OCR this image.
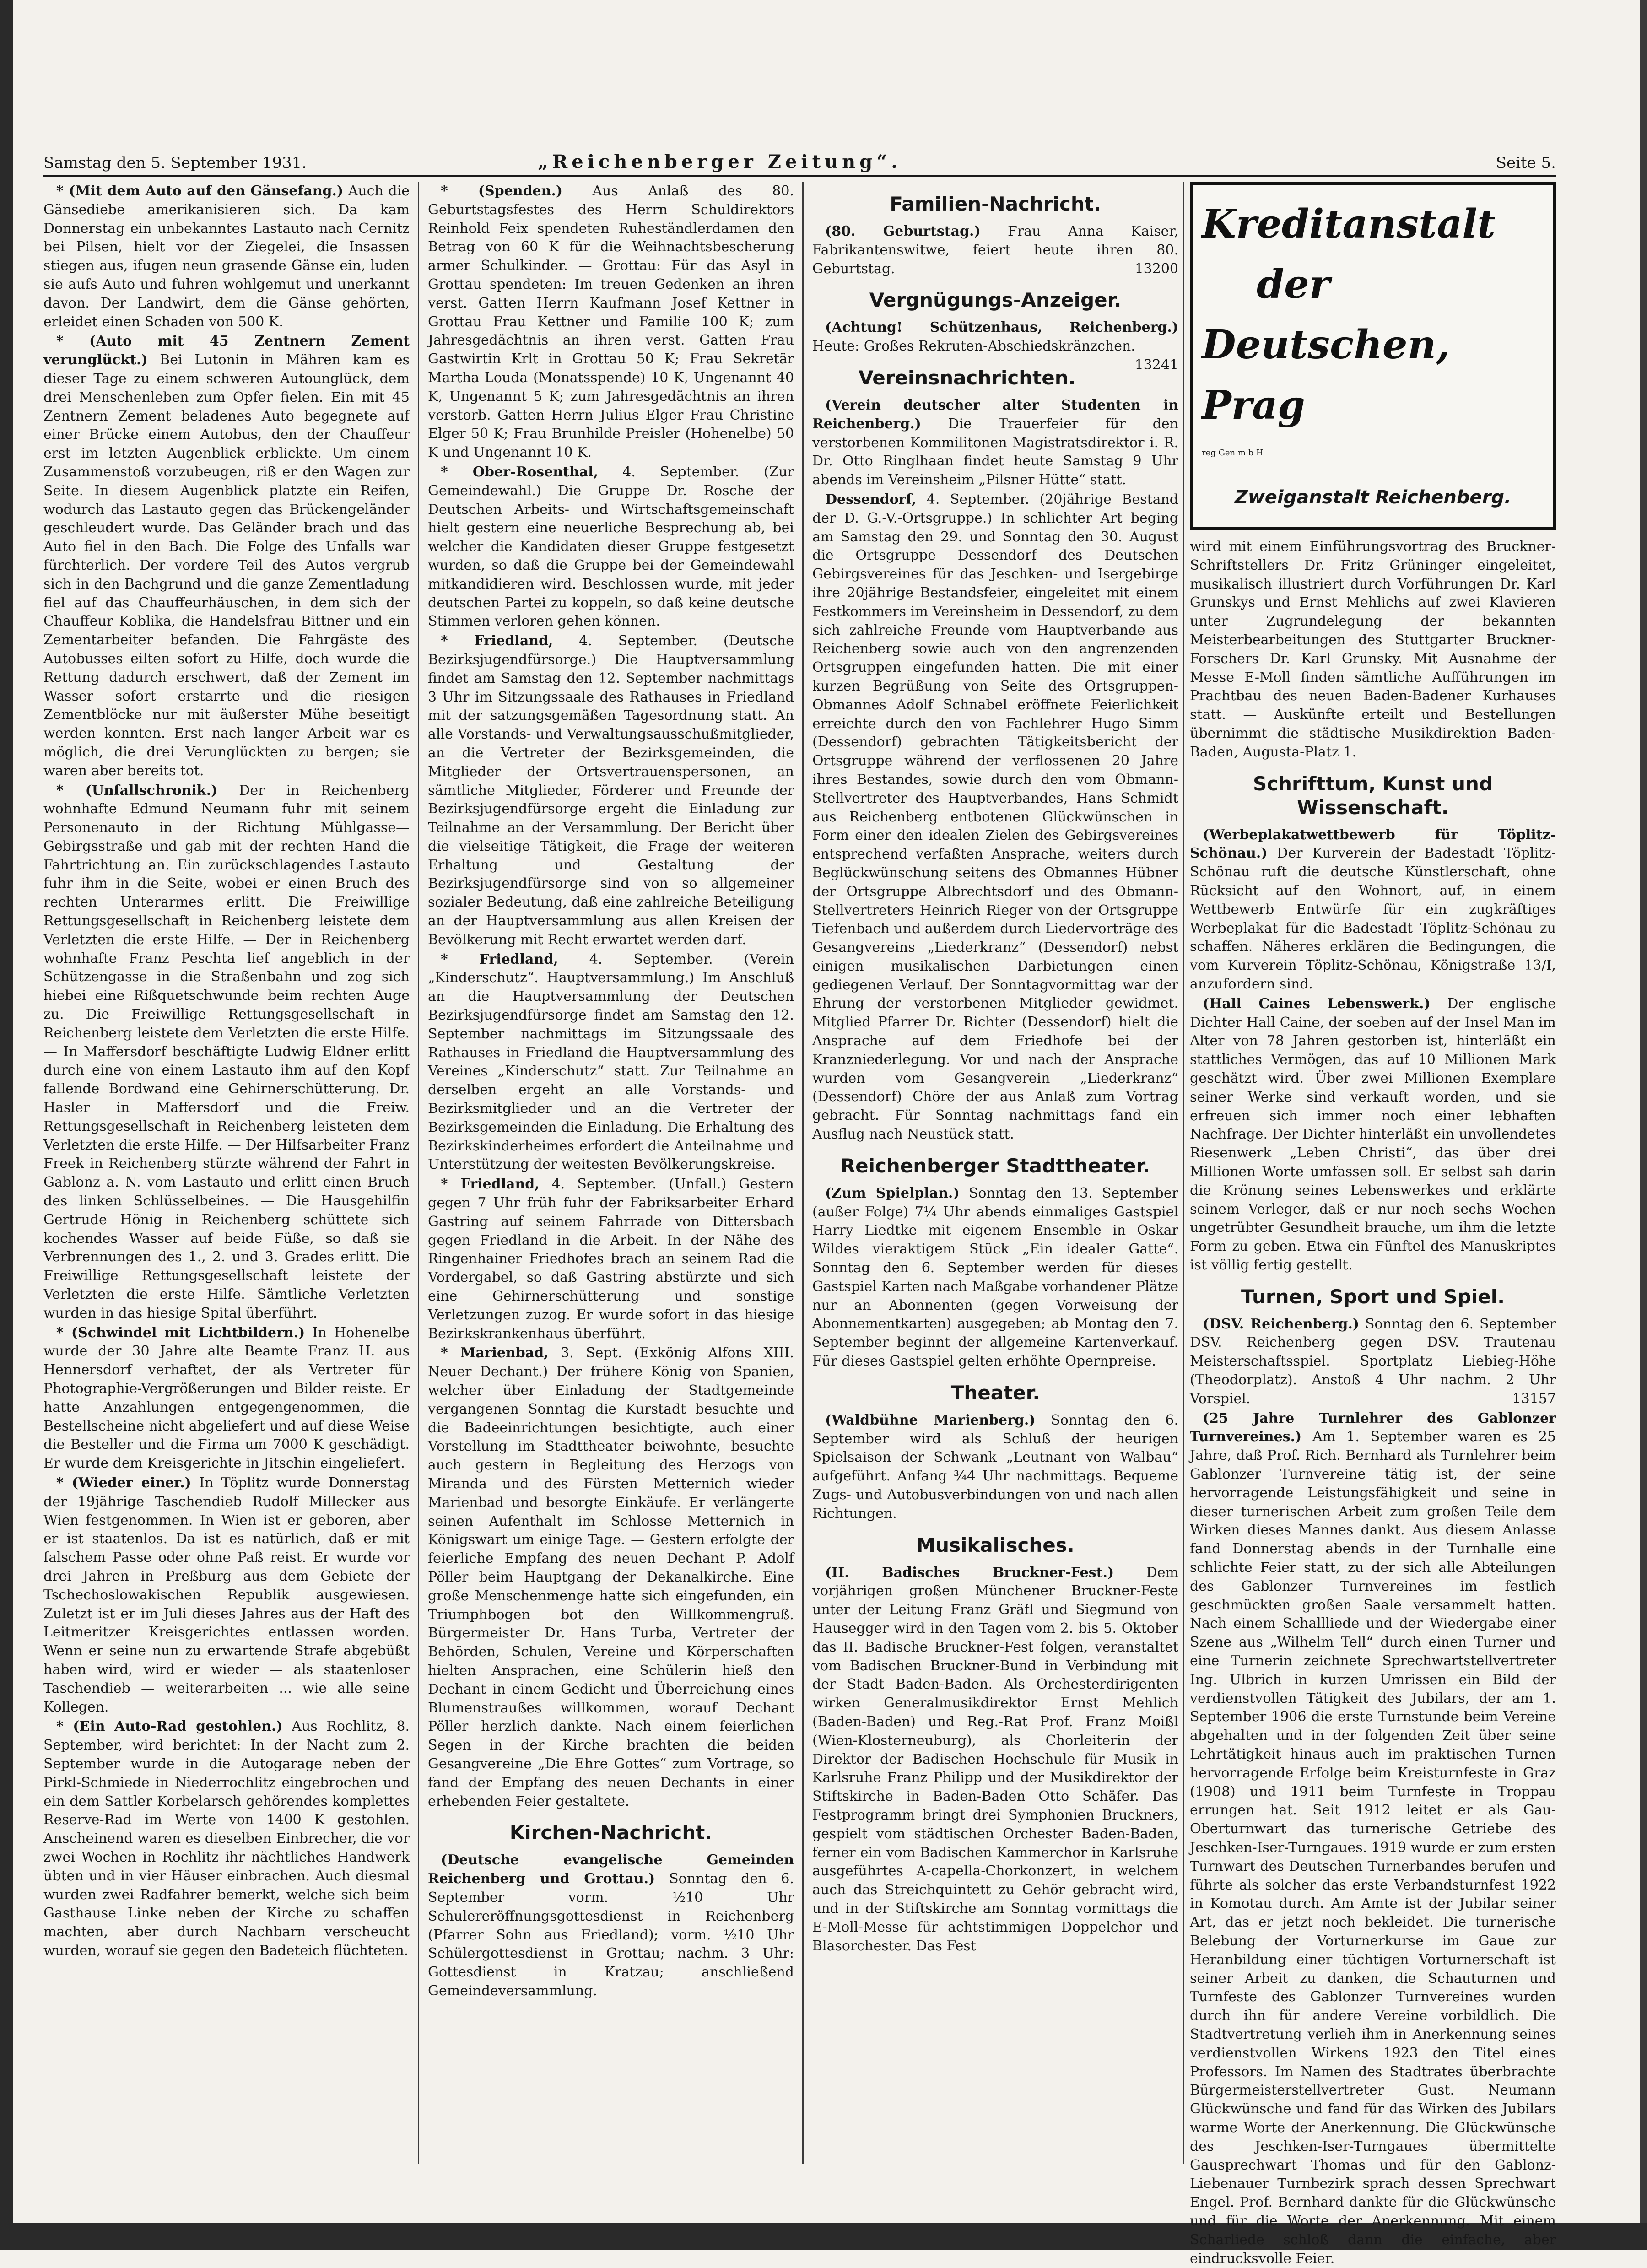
Samstag den 5. September 1931.	„Reichenberger Zeitung“.	Seite 5.

* (Mit dem Auto auf den Gänsefang.) Auch die Gänsediebe amerikanisieren sich. Da kam Donnerstag ein unbekanntes Lastauto nach Cernitz bei Pilsen, hielt vor der Ziegelei, die Insassen stiegen aus, ifugen neun grasende Gänse ein, luden sie aufs Auto und fuhren wohlgemut und unerkannt davon. Der Landwirt, dem die Gänse gehörten, erleidet einen Schaden von 500 K.

* (Auto mit 45 Zentnern Zement verunglückt.) Bei Lutonin in Mähren kam es dieser Tage zu einem schweren Autounglück, dem drei Menschenleben zum Opfer fielen. Ein mit 45 Zentnern Zement beladenes Auto begegnete auf einer Brücke einem Autobus, den der Chauffeur erst im letzten Augenblick erblickte. Um einem Zusammenstoß vorzubeugen, riß er den Wagen zur Seite. In diesem Augenblick platzte ein Reifen, wodurch das Lastauto gegen das Brückengeländer geschleudert wurde. Das Geländer brach und das Auto fiel in den Bach. Die Folge des Unfalls war fürchterlich. Der vordere Teil des Autos vergrub sich in den Bachgrund und die ganze Zementladung fiel auf das Chauffeurhäuschen, in dem sich der Chauffeur Koblika, die Handelsfrau Bittner und ein Zementarbeiter befanden. Die Fahrgäste des Autobusses eilten sofort zu Hilfe, doch wurde die Rettung dadurch erschwert, daß der Zement im Wasser sofort erstarrte und die riesigen Zementblöcke nur mit äußerster Mühe beseitigt werden konnten. Erst nach langer Arbeit war es möglich, die drei Verunglückten zu bergen; sie waren aber bereits tot.

* (Unfallschronik.) Der in Reichenberg wohnhafte Edmund Neumann fuhr mit seinem Personenauto in der Richtung Mühlgasse—Gebirgsstraße und gab mit der rechten Hand die Fahrtrichtung an. Ein zurückschlagendes Lastauto fuhr ihm in die Seite, wobei er einen Bruch des rechten Unterarmes erlitt. Die Freiwillige Rettungsgesellschaft in Reichenberg leistete dem Verletzten die erste Hilfe. — Der in Reichenberg wohnhafte Franz Peschta lief angeblich in der Schützengasse in die Straßenbahn und zog sich hiebei eine Rißquetschwunde beim rechten Auge zu. Die Freiwillige Rettungsgesellschaft in Reichenberg leistete dem Verletzten die erste Hilfe. — In Maffersdorf beschäftigte Ludwig Eldner erlitt durch eine von einem Lastauto ihm auf den Kopf fallende Bordwand eine Gehirnerschütterung. Dr. Hasler in Maffersdorf und die Freiw. Rettungsgesellschaft in Reichenberg leisteten dem Verletzten die erste Hilfe. — Der Hilfsarbeiter Franz Freek in Reichenberg stürzte während der Fahrt in Gablonz a. N. vom Lastauto und erlitt einen Bruch des linken Schlüsselbeines. — Die Hausgehilfin Gertrude Hönig in Reichenberg schüttete sich kochendes Wasser auf beide Füße, so daß sie Verbrennungen des 1., 2. und 3. Grades erlitt. Die Freiwillige Rettungsgesellschaft leistete der Verletzten die erste Hilfe. Sämtliche Verletzten wurden in das hiesige Spital überführt.

* (Schwindel mit Lichtbildern.) In Hohenelbe wurde der 30 Jahre alte Beamte Franz H. aus Hennersdorf verhaftet, der als Vertreter für Photographie-Vergrößerungen und Bilder reiste. Er hatte Anzahlungen entgegengenommen, die Bestellscheine nicht abgeliefert und auf diese Weise die Besteller und die Firma um 7000 K geschädigt. Er wurde dem Kreisgerichte in Jitschin eingeliefert.

* (Wieder einer.) In Töplitz wurde Donnerstag der 19jährige Taschendieb Rudolf Millecker aus Wien festgenommen. In Wien ist er geboren, aber er ist staatenlos. Da ist es natürlich, daß er mit falschem Passe oder ohne Paß reist. Er wurde vor drei Jahren in Preßburg aus dem Gebiete der Tschechoslowakischen Republik ausgewiesen. Zuletzt ist er im Juli dieses Jahres aus der Haft des Leitmeritzer Kreisgerichtes entlassen worden. Wenn er seine nun zu erwartende Strafe abgebüßt haben wird, wird er wieder — als staatenloser Taschendieb — weiterarbeiten ... wie alle seine Kollegen.

* (Ein Auto-Rad gestohlen.) Aus Rochlitz, 8. September, wird berichtet: In der Nacht zum 2. September wurde in die Autogarage neben der Pirkl-Schmiede in Niederrochlitz eingebrochen und ein dem Sattler Korbelarsch gehörendes komplettes Reserve-Rad im Werte von 1400 K gestohlen. Anscheinend waren es dieselben Einbrecher, die vor zwei Wochen in Rochlitz ihr nächtliches Handwerk übten und in vier Häuser einbrachen. Auch diesmal wurden zwei Radfahrer bemerkt, welche sich beim Gasthause Linke neben der Kirche zu schaffen machten, aber durch Nachbarn verscheucht wurden, worauf sie gegen den Badeteich flüchteten.

* (Spenden.) Aus Anlaß des 80. Geburtstagsfestes des Herrn Schuldirektors Reinhold Feix spendeten Ruheständlerdamen den Betrag von 60 K für die Weihnachtsbescherung armer Schulkinder. — Grottau: Für das Asyl in Grottau spendeten: Im treuen Gedenken an ihren verst. Gatten Herrn Kaufmann Josef Kettner in Grottau Frau Kettner und Familie 100 K; zum Jahresgedächtnis an ihren verst. Gatten Frau Gastwirtin Krlt in Grottau 50 K; Frau Sekretär Martha Louda (Monatsspende) 10 K, Ungenannt 40 K, Ungenannt 5 K; zum Jahresgedächtnis an ihren verstorb. Gatten Herrn Julius Elger Frau Christine Elger 50 K; Frau Brunhilde Preisler (Hohenelbe) 50 K und Ungenannt 10 K.

* Ober-Rosenthal, 4. September. (Zur Gemeindewahl.) Die Gruppe Dr. Rosche der Deutschen Arbeits- und Wirtschaftsgemeinschaft hielt gestern eine neuerliche Besprechung ab, bei welcher die Kandidaten dieser Gruppe festgesetzt wurden, so daß die Gruppe bei der Gemeindewahl mitkandidieren wird. Beschlossen wurde, mit jeder deutschen Partei zu koppeln, so daß keine deutsche Stimmen verloren gehen können.

* Friedland, 4. September. (Deutsche Bezirksjugendfürsorge.) Die Hauptversammlung findet am Samstag den 12. September nachmittags 3 Uhr im Sitzungssaale des Rathauses in Friedland mit der satzungsgemäßen Tagesordnung statt. An alle Vorstands- und Verwaltungsausschußmitglieder, an die Vertreter der Bezirksgemeinden, die Mitglieder der Ortsvertrauenspersonen, an sämtliche Mitglieder, Förderer und Freunde der Bezirksjugendfürsorge ergeht die Einladung zur Teilnahme an der Versammlung. Der Bericht über die vielseitige Tätigkeit, die Frage der weiteren Erhaltung und Gestaltung der Bezirksjugendfürsorge sind von so allgemeiner sozialer Bedeutung, daß eine zahlreiche Beteiligung an der Hauptversammlung aus allen Kreisen der Bevölkerung mit Recht erwartet werden darf.

* Friedland, 4. September. (Verein „Kinderschutz“. Hauptversammlung.) Im Anschluß an die Hauptversammlung der Deutschen Bezirksjugendfürsorge findet am Samstag den 12. September nachmittags im Sitzungssaale des Rathauses in Friedland die Hauptversammlung des Vereines „Kinderschutz“ statt. Zur Teilnahme an derselben ergeht an alle Vorstands- und Bezirksmitglieder und an die Vertreter der Bezirksgemeinden die Einladung. Die Erhaltung des Bezirkskinderheimes erfordert die Anteilnahme und Unterstützung der weitesten Bevölkerungskreise.

* Friedland, 4. September. (Unfall.) Gestern gegen 7 Uhr früh fuhr der Fabriksarbeiter Erhard Gastring auf seinem Fahrrade von Dittersbach gegen Friedland in die Arbeit. In der Nähe des Ringenhainer Friedhofes brach an seinem Rad die Vordergabel, so daß Gastring abstürzte und sich eine Gehirnerschütterung und sonstige Verletzungen zuzog. Er wurde sofort in das hiesige Bezirkskrankenhaus überführt.

* Marienbad, 3. Sept. (Exkönig Alfons XIII. Neuer Dechant.) Der frühere König von Spanien, welcher über Einladung der Stadtgemeinde vergangenen Sonntag die Kurstadt besuchte und die Badeeinrichtungen besichtigte, auch einer Vorstellung im Stadttheater beiwohnte, besuchte auch gestern in Begleitung des Herzogs von Miranda und des Fürsten Metternich wieder Marienbad und besorgte Einkäufe. Er verlängerte seinen Aufenthalt im Schlosse Metternich in Königswart um einige Tage. — Gestern erfolgte der feierliche Empfang des neuen Dechant P. Adolf Pöller beim Hauptgang der Dekanalkirche. Eine große Menschenmenge hatte sich eingefunden, ein Triumphbogen bot den Willkommengruß. Bürgermeister Dr. Hans Turba, Vertreter der Behörden, Schulen, Vereine und Körperschaften hielten Ansprachen, eine Schülerin hieß den Dechant in einem Gedicht und Überreichung eines Blumenstraußes willkommen, worauf Dechant Pöller herzlich dankte. Nach einem feierlichen Segen in der Kirche brachten die beiden Gesangvereine „Die Ehre Gottes“ zum Vortrage, so fand der Empfang des neuen Dechants in einer erhebenden Feier gestaltete.

Kirchen-Nachricht.

(Deutsche evangelische Gemeinden Reichenberg und Grottau.) Sonntag den 6. September vorm. ½10 Uhr Schulereröffnungsgottesdienst in Reichenberg (Pfarrer Sohn aus Friedland); vorm. ½10 Uhr Schülergottesdienst in Grottau; nachm. 3 Uhr: Gottesdienst in Kratzau; anschließend Gemeindeversammlung.

Familien-Nachricht.

(80. Geburtstag.) Frau Anna Kaiser, Fabrikantenswitwe, feiert heute ihren 80. Geburtstag.	13200

Vergnügungs-Anzeiger.

(Achtung! Schützenhaus, Reichenberg.) Heute: Großes Rekruten-Abschiedskränzchen.
13241

Vereinsnachrichten.

(Verein deutscher alter Studenten in Reichenberg.) Die Trauerfeier für den verstorbenen Kommilitonen Magistratsdirektor i. R. Dr. Otto Ringlhaan findet heute Samstag 9 Uhr abends im Vereinsheim „Pilsner Hütte“ statt.

Dessendorf, 4. September. (20jährige Bestand der D. G.-V.-Ortsgruppe.) In schlichter Art beging am Samstag den 29. und Sonntag den 30. August die Ortsgruppe Dessendorf des Deutschen Gebirgsvereines für das Jeschken- und Isergebirge ihre 20jährige Bestandsfeier, eingeleitet mit einem Festkommers im Vereinsheim in Dessendorf, zu dem sich zahlreiche Freunde vom Hauptverbande aus Reichenberg sowie auch von den angrenzenden Ortsgruppen eingefunden hatten. Die mit einer kurzen Begrüßung von Seite des Ortsgruppen-Obmannes Adolf Schnabel eröffnete Feierlichkeit erreichte durch den von Fachlehrer Hugo Simm (Dessendorf) gebrachten Tätigkeitsbericht der Ortsgruppe während der verflossenen 20 Jahre ihres Bestandes, sowie durch den vom Obmann-Stellvertreter des Hauptverbandes, Hans Schmidt aus Reichenberg entbotenen Glückwünschen in Form einer den idealen Zielen des Gebirgsvereines entsprechend verfaßten Ansprache, weiters durch Beglückwünschung seitens des Obmannes Hübner der Ortsgruppe Albrechtsdorf und des Obmann-Stellvertreters Heinrich Rieger von der Ortsgruppe Tiefenbach und außerdem durch Liedervorträge des Gesangvereins „Liederkranz“ (Dessendorf) nebst einigen musikalischen Darbietungen einen gediegenen Verlauf. Der Sonntagvormittag war der Ehrung der verstorbenen Mitglieder gewidmet. Mitglied Pfarrer Dr. Richter (Dessendorf) hielt die Ansprache auf dem Friedhofe bei der Kranzniederlegung. Vor und nach der Ansprache wurden vom Gesangverein „Liederkranz“ (Dessendorf) Chöre der aus Anlaß zum Vortrag gebracht. Für Sonntag nachmittags fand ein Ausflug nach Neustück statt.

Reichenberger Stadttheater.

(Zum Spielplan.) Sonntag den 13. September (außer Folge) 7¼ Uhr abends einmaliges Gastspiel Harry Liedtke mit eigenem Ensemble in Oskar Wildes vieraktigem Stück „Ein idealer Gatte“. Sonntag den 6. September werden für dieses Gastspiel Karten nach Maßgabe vorhandener Plätze nur an Abonnenten (gegen Vorweisung der Abonnementkarten) ausgegeben; ab Montag den 7. September beginnt der allgemeine Kartenverkauf. Für dieses Gastspiel gelten erhöhte Opernpreise.

Theater.

(Waldbühne Marienberg.) Sonntag den 6. September wird als Schluß der heurigen Spielsaison der Schwank „Leutnant von Walbau“ aufgeführt. Anfang ¾4 Uhr nachmittags. Bequeme Zugs- und Autobusverbindungen von und nach allen Richtungen.

Musikalisches.

(II. Badisches Bruckner-Fest.) Dem vorjährigen großen Münchener Bruckner-Feste unter der Leitung Franz Gräfl und Siegmund von Hausegger wird in den Tagen vom 2. bis 5. Oktober das II. Badische Bruckner-Fest folgen, veranstaltet vom Badischen Bruckner-Bund in Verbindung mit der Stadt Baden-Baden. Als Orchesterdirigenten wirken Generalmusikdirektor Ernst Mehlich (Baden-Baden) und Reg.-Rat Prof. Franz Moißl (Wien-Klosterneuburg), als Chorleiterin der Direktor der Badischen Hochschule für Musik in Karlsruhe Franz Philipp und der Musikdirektor der Stiftskirche in Baden-Baden Otto Schäfer. Das Festprogramm bringt drei Symphonien Bruckners, gespielt vom städtischen Orchester Baden-Baden, ferner ein vom Badischen Kammerchor in Karlsruhe ausgeführtes A-capella-Chorkonzert, in welchem auch das Streichquintett zu Gehör gebracht wird, und in der Stiftskirche am Sonntag vormittags die E-Moll-Messe für achtstimmigen Doppelchor und Blasorchester. Das Fest

Kreditanstalt
der
Deutschen, Prag
reg Gen m b H
Zweiganstalt Reichenberg.

wird mit einem Einführungsvortrag des Bruckner-Schriftstellers Dr. Fritz Grüninger eingeleitet, musikalisch illustriert durch Vorführungen Dr. Karl Grunskys und Ernst Mehlichs auf zwei Klavieren unter Zugrundelegung der bekannten Meisterbearbeitungen des Stuttgarter Bruckner-Forschers Dr. Karl Grunsky. Mit Ausnahme der Messe E-Moll finden sämtliche Aufführungen im Prachtbau des neuen Baden-Badener Kurhauses statt. — Auskünfte erteilt und Bestellungen übernimmt die städtische Musikdirektion Baden-Baden, Augusta-Platz 1.

Schrifttum, Kunst und Wissenschaft.

(Werbeplakatwettbewerb für Töplitz-Schönau.) Der Kurverein der Badestadt Töplitz-Schönau ruft die deutsche Künstlerschaft, ohne Rücksicht auf den Wohnort, auf, in einem Wettbewerb Entwürfe für ein zugkräftiges Werbeplakat für die Badestadt Töplitz-Schönau zu schaffen. Näheres erklären die Bedingungen, die vom Kurverein Töplitz-Schönau, Königstraße 13/I, anzufordern sind.

(Hall Caines Lebenswerk.) Der englische Dichter Hall Caine, der soeben auf der Insel Man im Alter von 78 Jahren gestorben ist, hinterläßt ein stattliches Vermögen, das auf 10 Millionen Mark geschätzt wird. Über zwei Millionen Exemplare seiner Werke sind verkauft worden, und sie erfreuen sich immer noch einer lebhaften Nachfrage. Der Dichter hinterläßt ein unvollendetes Riesenwerk „Leben Christi“, das über drei Millionen Worte umfassen soll. Er selbst sah darin die Krönung seines Lebenswerkes und erklärte seinem Verleger, daß er nur noch sechs Wochen ungetrübter Gesundheit brauche, um ihm die letzte Form zu geben. Etwa ein Fünftel des Manuskriptes ist völlig fertig gestellt.

Turnen, Sport und Spiel.

(DSV. Reichenberg.) Sonntag den 6. September DSV. Reichenberg gegen DSV. Trautenau Meisterschaftsspiel. Sportplatz Liebieg-Höhe (Theodorplatz). Anstoß 4 Uhr nachm. 2 Uhr Vorspiel.	13157

(25 Jahre Turnlehrer des Gablonzer Turnvereines.) Am 1. September waren es 25 Jahre, daß Prof. Rich. Bernhard als Turnlehrer beim Gablonzer Turnvereine tätig ist, der seine hervorragende Leistungsfähigkeit und seine in dieser turnerischen Arbeit zum großen Teile dem Wirken dieses Mannes dankt. Aus diesem Anlasse fand Donnerstag abends in der Turnhalle eine schlichte Feier statt, zu der sich alle Abteilungen des Gablonzer Turnvereines im festlich geschmückten großen Saale versammelt hatten. Nach einem Schallliede und der Wiedergabe einer Szene aus „Wilhelm Tell“ durch einen Turner und eine Turnerin zeichnete Sprechwartstellvertreter Ing. Ulbrich in kurzen Umrissen ein Bild der verdienstvollen Tätigkeit des Jubilars, der am 1. September 1906 die erste Turnstunde beim Vereine abgehalten und in der folgenden Zeit über seine Lehrtätigkeit hinaus auch im praktischen Turnen hervorragende Erfolge beim Kreisturnfeste in Graz (1908) und 1911 beim Turnfeste in Troppau errungen hat. Seit 1912 leitet er als Gau-Oberturnwart das turnerische Getriebe des Jeschken-Iser-Turngaues. 1919 wurde er zum ersten Turnwart des Deutschen Turnerbandes berufen und führte als solcher das erste Verbandsturnfest 1922 in Komotau durch. Am Amte ist der Jubilar seiner Art, das er jetzt noch bekleidet. Die turnerische Belebung der Vorturnerkurse im Gaue zur Heranbildung einer tüchtigen Vorturnerschaft ist seiner Arbeit zu danken, die Schauturnen und Turnfeste des Gablonzer Turnvereines wurden durch ihn für andere Vereine vorbildlich. Die Stadtvertretung verlieh ihm in Anerkennung seines verdienstvollen Wirkens 1923 den Titel eines Professors. Im Namen des Stadtrates überbrachte Bürgermeisterstellvertreter Gust. Neumann Glückwünsche und fand für das Wirken des Jubilars warme Worte der Anerkennung. Die Glückwünsche des Jeschken-Iser-Turngaues übermittelte Gausprechwart Thomas und für den Gablonz-Liebenauer Turnbezirk sprach dessen Sprechwart Engel. Prof. Bernhard dankte für die Glückwünsche und für die Worte der Anerkennung. Mit einem Scharliede schloß dann die einfache, aber eindrucksvolle Feier.
